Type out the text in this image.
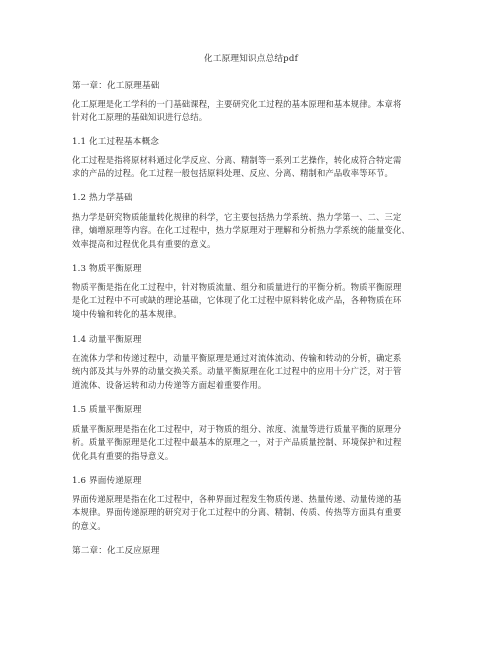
化工原理知识点总结pdf
第一章：化工原理基础
化工原理是化工学科的一门基础课程，主要研究化工过程的基本原理和基本规律。本章将
针对化工原理的基础知识进行总结。
1.1 化工过程基本概念
化工过程是指将原材料通过化学反应、分离、精制等一系列工艺操作，转化成符合特定需
求的产品的过程。化工过程一般包括原料处理、反应、分离、精制和产品收率等环节。
1.2 热力学基础
热力学是研究物质能量转化规律的科学，它主要包括热力学系统、热力学第一、二、三定
律，熵增原理等内容。在化工过程中，热力学原理对于理解和分析热力学系统的能量变化、
效率提高和过程优化具有重要的意义。
1.3 物质平衡原理
物质平衡是指在化工过程中，针对物质流量、组分和质量进行的平衡分析。物质平衡原理
是化工过程中不可或缺的理论基础，它体现了化工过程中原料转化成产品，各种物质在环
境中传输和转化的基本规律。
1.4 动量平衡原理
在流体力学和传递过程中，动量平衡原理是通过对流体流动、传输和转动的分析，确定系
统内部及其与外界的动量交换关系。动量平衡原理在化工过程中的应用十分广泛，对于管
道流体、设备运转和动力传递等方面起着重要作用。
1.5 质量平衡原理
质量平衡原理是指在化工过程中，对于物质的组分、浓度、流量等进行质量平衡的原理分
析。质量平衡原理是化工过程中最基本的原理之一，对于产品质量控制、环境保护和过程
优化具有重要的指导意义。
1.6 界面传递原理
界面传递原理是指在化工过程中，各种界面过程发生物质传递、热量传递、动量传递的基
本规律。界面传递原理的研究对于化工过程中的分离、精制、传质、传热等方面具有重要
的意义。
第二章：化工反应原理
